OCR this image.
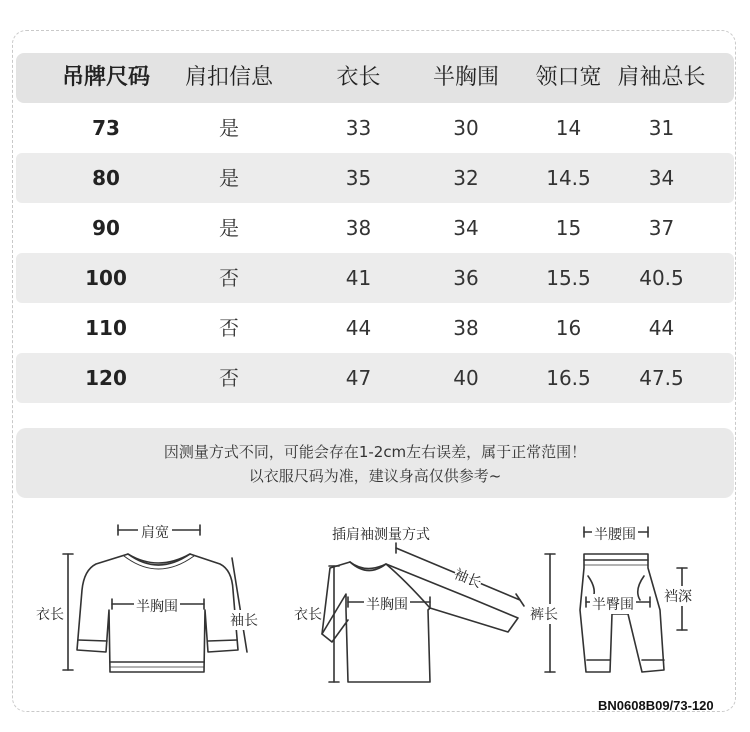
吊牌尺码	肩扣信息	衣长	半胸围	领口宽 肩袖总长
73	是	33	30	14	31
80	是	35	32	14.5	34
90	是	38	34	15	37
100	否	41	36	15.5	40.5
110	否	44	38	16	44
120	否	47	40	16.5	47.5
因测量方式不同，可能会存在1-2cm左右误差，属于正常范围！
以衣服尺码为准，建议身高仅供参考~
肩宽
衣长	半胸围
袖长
插肩袖测量方式
袖长
衣长
半胸围
半腰围
裤长
半臀围 裆深
BN0608B09/73-120
